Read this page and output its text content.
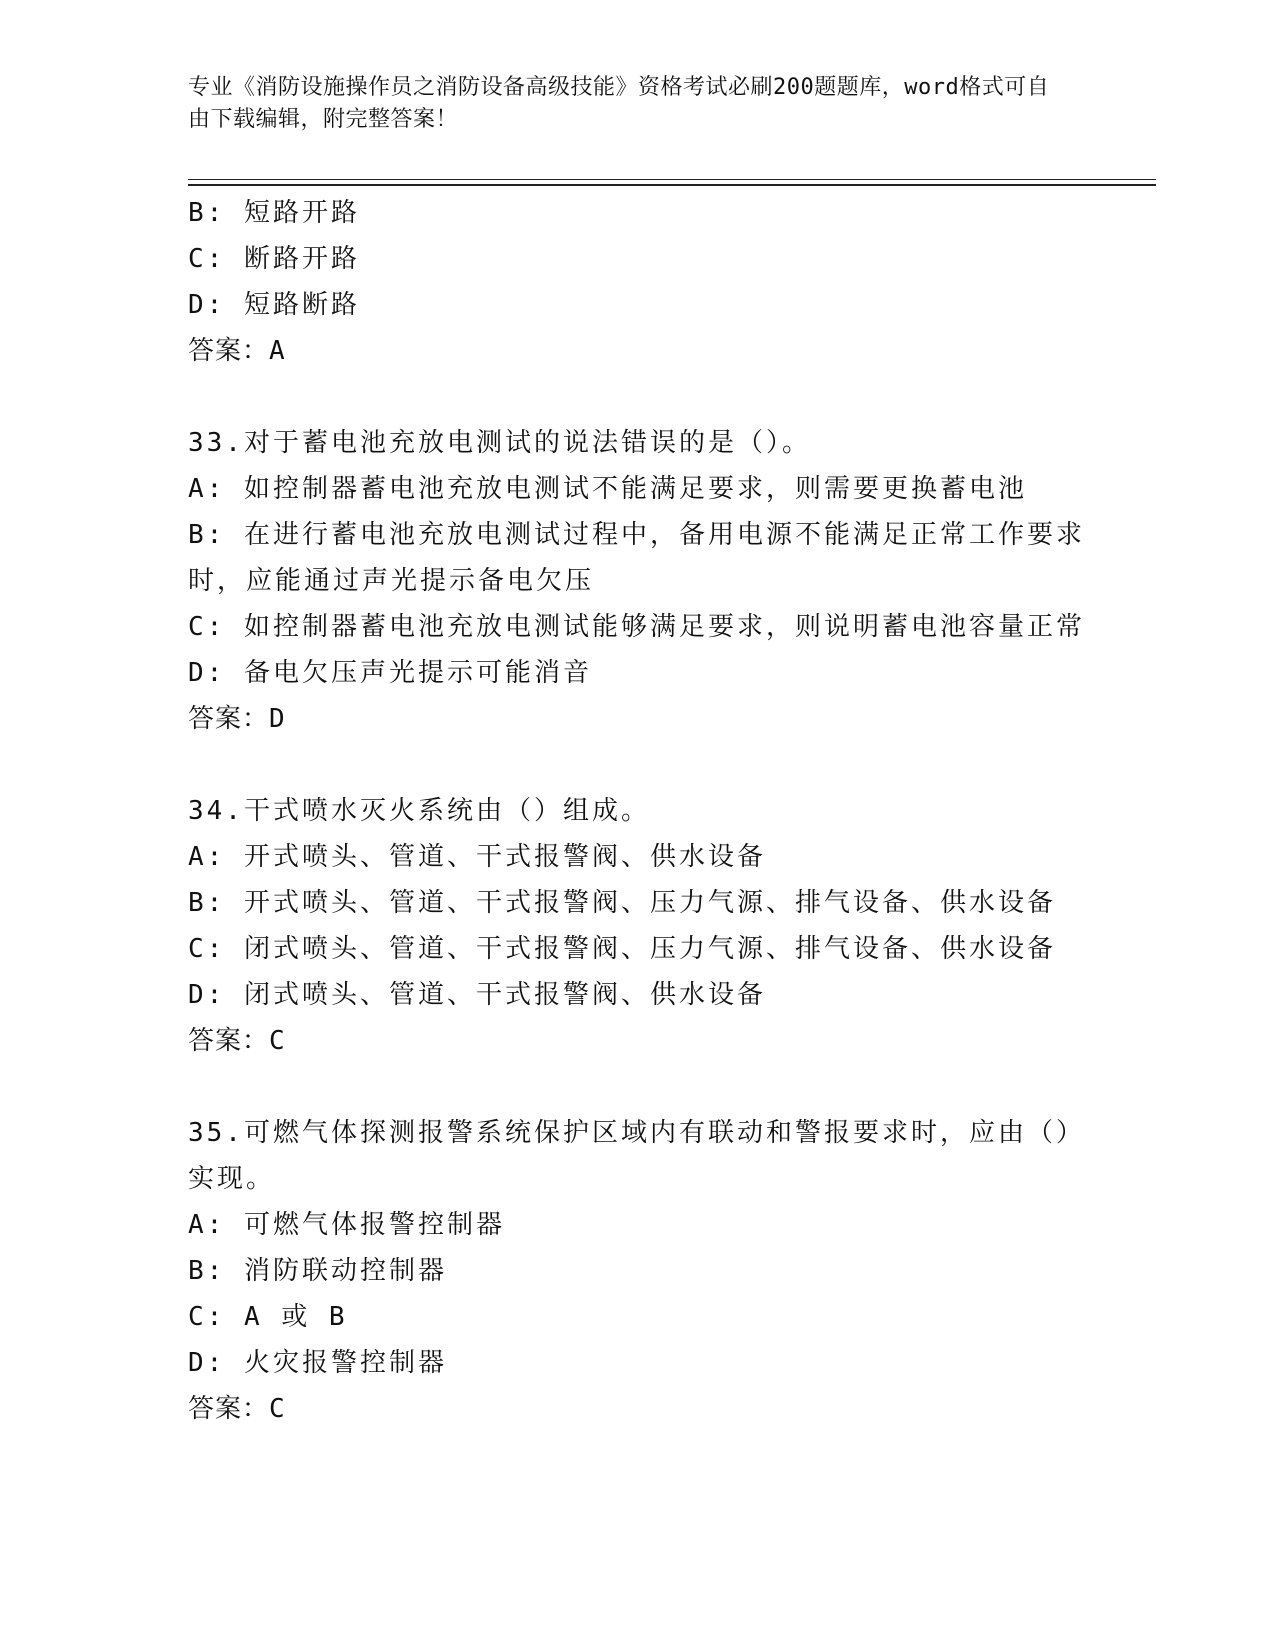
专业《消防设施操作员之消防设备高级技能》资格考试必刷200题题库，word格式可自由下载编辑，附完整答案！
B: 短路开路
C: 断路开路
D: 短路断路
答案：A
33.对于蓄电池充放电测试的说法错误的是（）。
A: 如控制器蓄电池充放电测试不能满足要求，则需要更换蓄电池
B: 在进行蓄电池充放电测试过程中，备用电源不能满足正常工作要求时，应能通过声光提示备电欠压
C: 如控制器蓄电池充放电测试能够满足要求，则说明蓄电池容量正常
D: 备电欠压声光提示可能消音
答案：D
34.干式喷水灭火系统由（）组成。
A: 开式喷头、管道、干式报警阀、供水设备
B: 开式喷头、管道、干式报警阀、压力气源、排气设备、供水设备
C: 闭式喷头、管道、干式报警阀、压力气源、排气设备、供水设备
D: 闭式喷头、管道、干式报警阀、供水设备
答案：C
35.可燃气体探测报警系统保护区域内有联动和警报要求时，应由（）实现。
A: 可燃气体报警控制器
B: 消防联动控制器
C: A 或 B
D: 火灾报警控制器
答案：C
